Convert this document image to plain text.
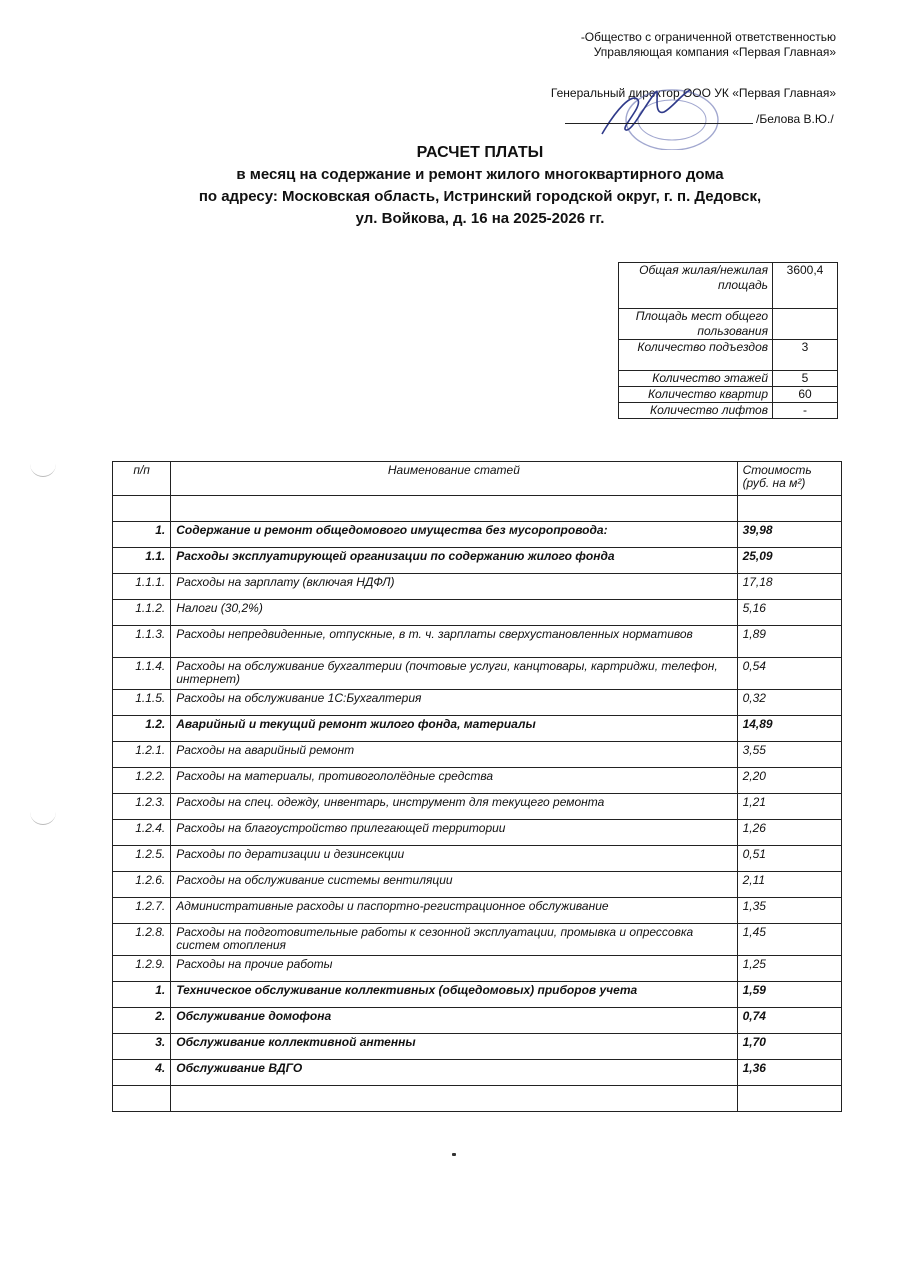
-Общество с ограниченной ответственностью
Управляющая компания «Первая Главная»
Генеральный директор ООО УК «Первая Главная»
/Белова В.Ю./
РАСЧЕТ ПЛАТЫ
в месяц на содержание и ремонт жилого многоквартирного дома
по адресу: Московская область, Истринский городской округ, г. п. Дедовск,
ул. Войкова, д. 16 на 2025-2026 гг.
Общая жилая/нежилая площадь	3600,4
Площадь мест общего пользования	
Количество подъездов	3
Количество этажей	5
Количество квартир	60
Количество лифтов	-
п/п	Наименование статей	Стоимость (руб. на м²)

1.	Содержание и ремонт общедомового имущества без мусоропровода:	39,98
1.1.	Расходы эксплуатирующей организации по содержанию жилого фонда	25,09
1.1.1.	Расходы на зарплату (включая НДФЛ)	17,18
1.1.2.	Налоги (30,2%)	5,16
1.1.3.	Расходы непредвиденные, отпускные, в т. ч. зарплаты сверхустановленных нормативов	1,89
1.1.4.	Расходы на обслуживание бухгалтерии (почтовые услуги, канцтовары, картриджи, телефон, интернет)	0,54
1.1.5.	Расходы на обслуживание 1С:Бухгалтерия	0,32
1.2.	Аварийный и текущий ремонт жилого фонда, материалы	14,89
1.2.1.	Расходы на аварийный ремонт	3,55
1.2.2.	Расходы на материалы, противогололёдные средства	2,20
1.2.3.	Расходы на спец. одежду, инвентарь, инструмент для текущего ремонта	1,21
1.2.4.	Расходы на благоустройство прилегающей территории	1,26
1.2.5.	Расходы по дератизации и дезинсекции	0,51
1.2.6.	Расходы на обслуживание системы вентиляции	2,11
1.2.7.	Административные расходы и паспортно-регистрационное обслуживание	1,35
1.2.8.	Расходы на подготовительные работы к сезонной эксплуатации, промывка и опрессовка систем отопления	1,45
1.2.9.	Расходы на прочие работы	1,25
1.	Техническое обслуживание коллективных (общедомовых) приборов учета	1,59
2.	Обслуживание домофона	0,74
3.	Обслуживание коллективной антенны	1,70
4.	Обслуживание ВДГО	1,36
